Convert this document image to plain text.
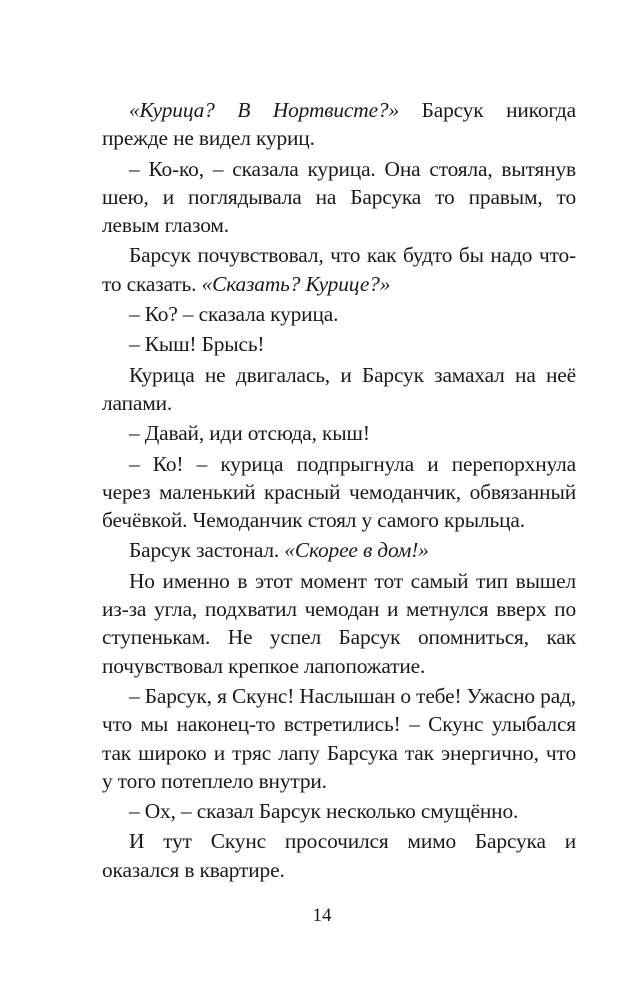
«Курица? В Нортвисте?» Барсук никогда прежде не видел куриц.

– Ко-ко, – сказала курица. Она стояла, вытянув шею, и поглядывала на Барсука то правым, то левым глазом.

Барсук почувствовал, что как будто бы надо что-то сказать. «Сказать? Курице?»

– Ко? – сказала курица.

– Кыш! Брысь!

Курица не двигалась, и Барсук замахал на неё лапами.

– Давай, иди отсюда, кыш!

– Ко! – курица подпрыгнула и перепорхнула через маленький красный чемоданчик, обвязанный бечёвкой. Чемоданчик стоял у самого крыльца.

Барсук застонал. «Скорее в дом!»

Но именно в этот момент тот самый тип вышел из-за угла, подхватил чемодан и метнулся вверх по ступенькам. Не успел Барсук опомниться, как почувствовал крепкое лапопожатие.

– Барсук, я Скунс! Наслышан о тебе! Ужасно рад, что мы наконец-то встретились! – Скунс улыбался так широко и тряс лапу Барсука так энергично, что у того потеплело внутри.

– Ох, – сказал Барсук несколько смущённо.

И тут Скунс просочился мимо Барсука и оказался в квартире.

14
